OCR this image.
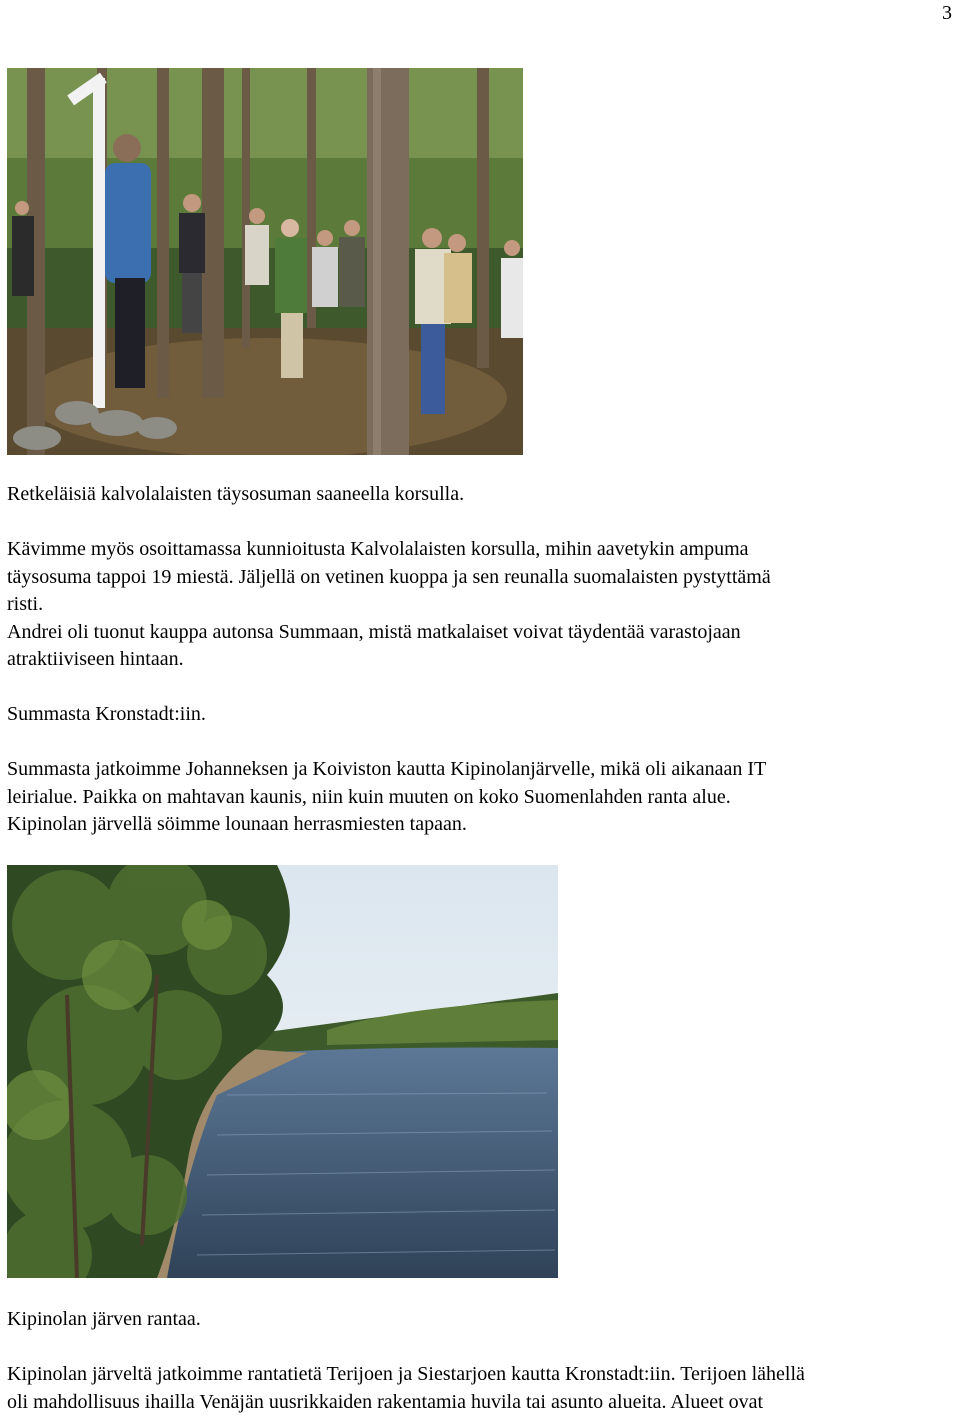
3
Retkeläisiä kalvolalaisten täysosuman saaneella korsulla.
Kävimme myös osoittamassa kunnioitusta Kalvolalaisten korsulla, mihin aavetykin ampuma
täysosuma tappoi 19 miestä. Jäljellä on vetinen kuoppa ja sen reunalla suomalaisten pystyttämä
risti.
Andrei oli tuonut kauppa autonsa Summaan, mistä matkalaiset voivat täydentää varastojaan
atraktiiviseen hintaan.
Summasta Kronstadt:iin.
Summasta jatkoimme Johanneksen ja Koiviston kautta Kipinolanjärvelle, mikä oli aikanaan IT
leirialue. Paikka on mahtavan kaunis, niin kuin muuten on koko Suomenlahden ranta alue.
Kipinolan järvellä söimme lounaan herrasmiesten tapaan.
Kipinolan järven rantaa.
Kipinolan järveltä jatkoimme rantatietä Terijoen ja Siestarjoen kautta Kronstadt:iin. Terijoen lähellä
oli mahdollisuus ihailla Venäjän uusrikkaiden rakentamia huvila tai asunto alueita. Alueet ovat
